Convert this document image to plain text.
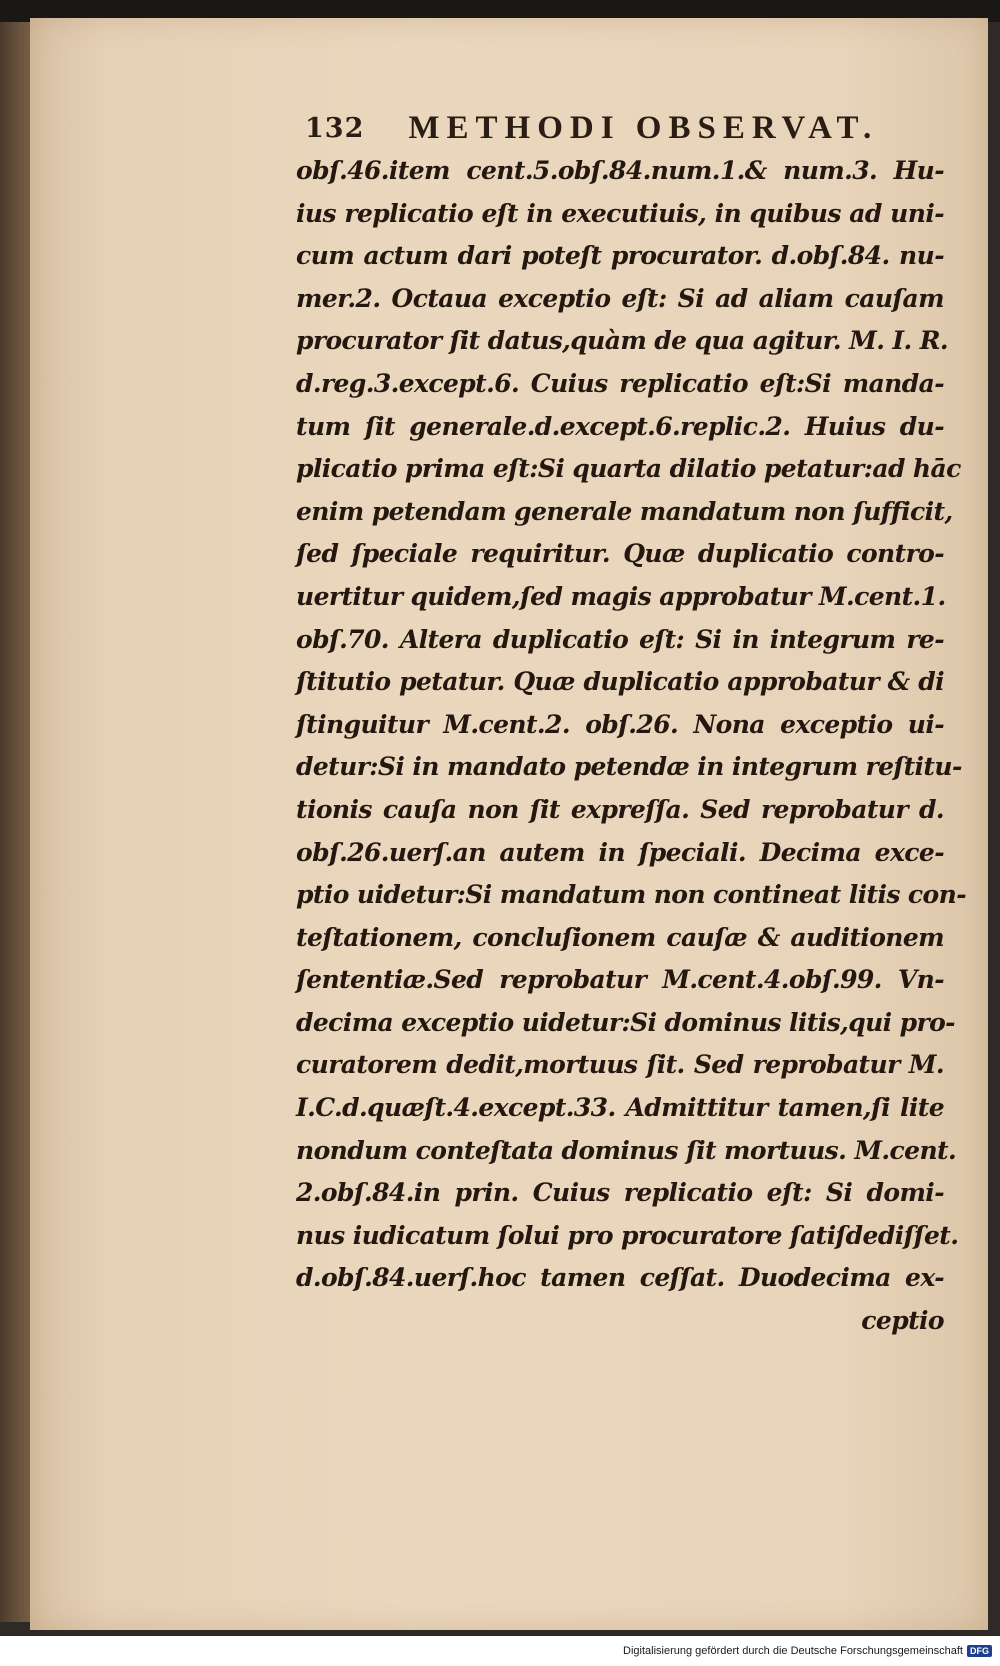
132 METHODI OBSERVAT.
obſ.46.item cent.5.obſ.84.num.1.& num.3. Hu-
ius replicatio eſt in executiuis, in quibus ad uni-
cum actum dari poteſt procurator. d.obſ.84. nu-
mer.2. Octaua exceptio eſt: Si ad aliam cauſam
procurator ſit datus,quàm de qua agitur. M. I. R.
d.reg.3.except.6. Cuius replicatio eſt:Si manda-
tum ſit generale.d.except.6.replic.2. Huius du-
plicatio prima eſt:Si quarta dilatio petatur:ad hāc
enim petendam generale mandatum non ſufficit,
ſed ſpeciale requiritur. Quæ duplicatio contro-
uertitur quidem,ſed magis approbatur M.cent.1.
obſ.70. Altera duplicatio eſt: Si in integrum re-
ſtitutio petatur. Quæ duplicatio approbatur & di
ſtinguitur M.cent.2. obſ.26. Nona exceptio ui-
detur:Si in mandato petendæ in integrum reſtitu-
tionis cauſa non ſit expreſſa. Sed reprobatur d.
obſ.26.uerſ.an autem in ſpeciali. Decima exce-
ptio uidetur:Si mandatum non contineat litis con-
teſtationem, concluſionem cauſæ & auditionem
ſententiæ.Sed reprobatur M.cent.4.obſ.99. Vn-
decima exceptio uidetur:Si dominus litis,qui pro-
curatorem dedit,mortuus ſit. Sed reprobatur M.
I.C.d.quæſt.4.except.33. Admittitur tamen,ſi lite
nondum conteſtata dominus ſit mortuus. M.cent.
2.obſ.84.in prin. Cuius replicatio eſt: Si domi-
nus iudicatum ſolui pro procuratore ſatiſdediſſet.
d.obſ.84.uerſ.hoc tamen ceſſat. Duodecima ex-
ceptio
Digitalisierung gefördert durch die Deutsche Forschungsgemeinschaft DFG
